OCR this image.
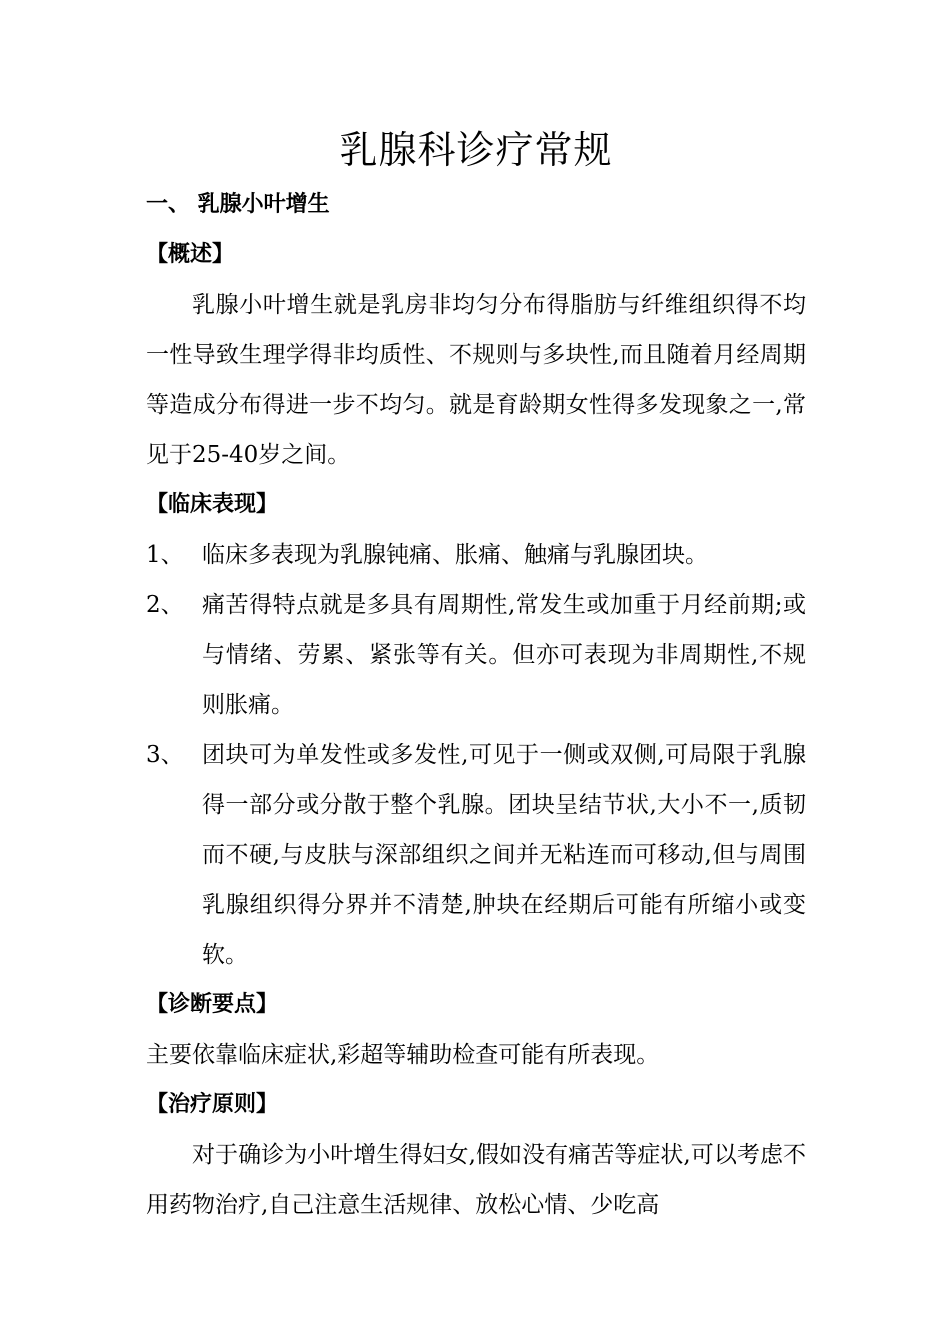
乳腺科诊疗常规
一、 乳腺小叶增生
【概述】

乳腺小叶增生就是乳房非均匀分布得脂肪与纤维组织得不均一性导致生理学得非均质性、不规则与多块性,而且随着月经周期等造成分布得进一步不均匀。就是育龄期女性得多发现象之一,常见于25-40岁之间。

【临床表现】
1、 临床多表现为乳腺钝痛、胀痛、触痛与乳腺团块。
2、 痛苦得特点就是多具有周期性,常发生或加重于月经前期;或与情绪、劳累、紧张等有关。但亦可表现为非周期性,不规则胀痛。
3、 团块可为单发性或多发性,可见于一侧或双侧,可局限于乳腺得一部分或分散于整个乳腺。团块呈结节状,大小不一,质韧而不硬,与皮肤与深部组织之间并无粘连而可移动,但与周围乳腺组织得分界并不清楚,肿块在经期后可能有所缩小或变软。
【诊断要点】

主要依靠临床症状,彩超等辅助检查可能有所表现。

【治疗原则】

对于确诊为小叶增生得妇女,假如没有痛苦等症状,可以考虑不用药物治疗,自己注意生活规律、放松心情、少吃高
